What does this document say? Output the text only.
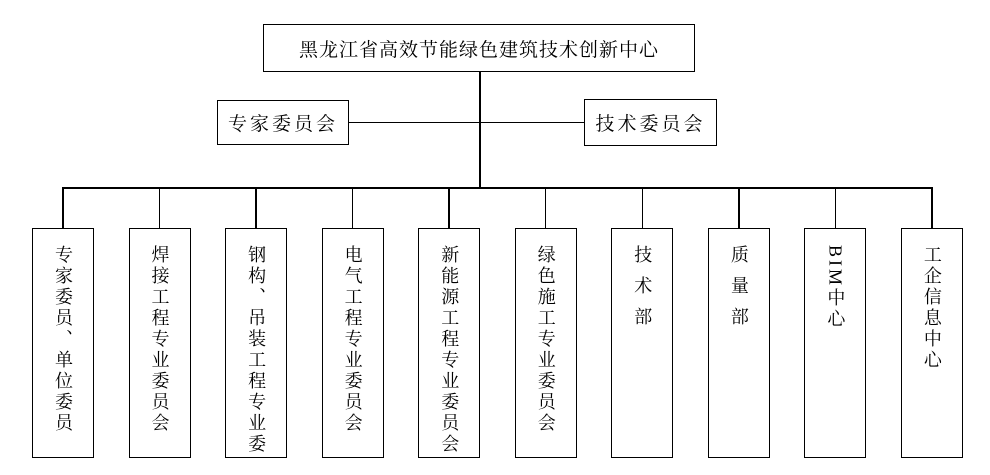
黑龙江省高效节能绿色建筑技术创新中心
专家委员会	技术委员会
专家委员、单位委员	焊接工程专业委员会	钢构、吊装工程专业委	电气工程专业委员会	新能源工程专业委员会	绿色施工专业委员会	技术部	质量部	BIM中心	工企信息中心
